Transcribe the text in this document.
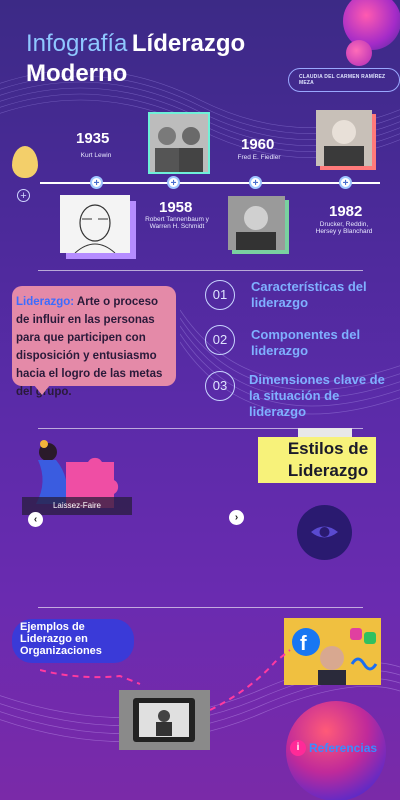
Infografía Líderazgo
Moderno	CLAUDIA DEL CARMEN RAMÍREZ MEZA
+
+	+	+	+
1935
Kurt Lewin
1958
Robert Tannenbaum y Warren H. Schmidt
1960
Fred E. Fiedler
1982
Drucker, Reddin, Hersey y Blanchard
Liderazgo: Arte o proceso de influir en las personas para que participen con disposición y entusiasmo hacia el logro de las metas del grupo.
01
Características del liderazgo
02	Componentes del liderazgo
03	Dimensiones clave de la situación de liderazgo
Laissez-Faire
‹	›
Estilos de Liderazgo
Ejemplos de Liderazgo en Organizaciones	f
i Referencias
